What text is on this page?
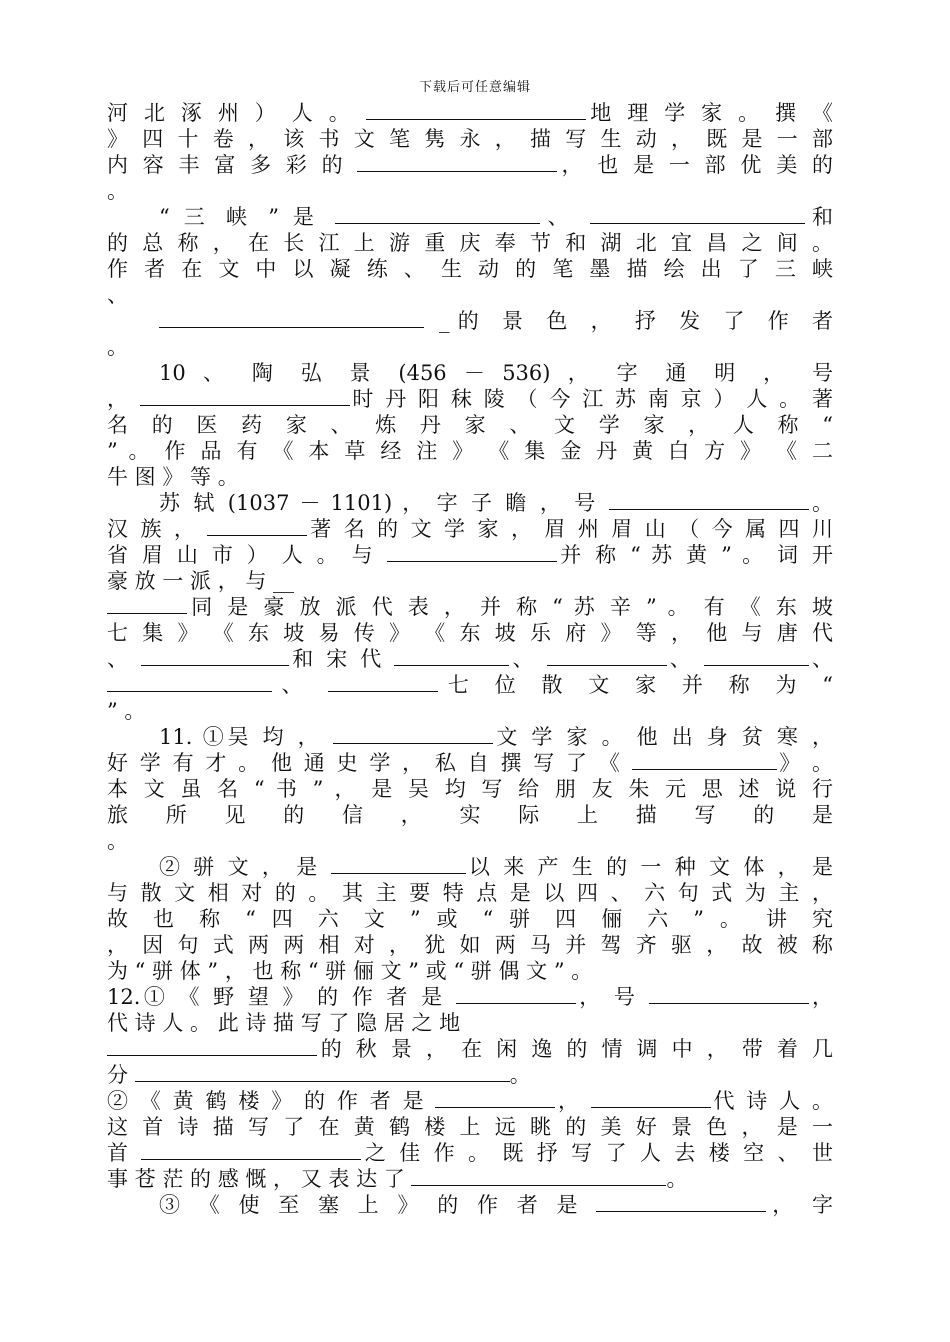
下载后可任意编辑
河 北 涿 州 ） 人 。	地 理 学 家 。 撰 《
》 四 十 卷 ， 该 书 文 笔 隽 永 ， 描 写 生 动 ， 既 是 一 部
内 容 丰 富 多 彩 的	， 也 是 一 部 优 美 的
。
“ 三 峡 ” 是	、	和
的 总 称 ， 在 长 江 上 游 重 庆 奉 节 和 湖 北 宜 昌 之 间 。
作 者 在 文 中 以 凝 练 、 生 动 的 笔 墨 描 绘 出 了 三 峡
、
_的 景 色 ， 抒 发 了 作 者
。
10 、 陶 弘 景 (456 － 536) ， 字 通 明 ， 号
，	时 丹 阳 秣 陵 （ 今 江 苏 南 京 ） 人 。 著
名 的 医 药 家 、 炼 丹 家 、 文 学 家 ， 人 称 “
” 。 作 品 有 《 本 草 经 注 》 《 集 金 丹 黄 白 方 》 《 二
牛 图 》 等 。
苏 轼 (1037 － 1101) ， 字 子 瞻 ， 号	。
汉 族 ，	著 名 的 文 学 家 ， 眉 州 眉 山 （ 今 属 四 川
省 眉 山 市 ） 人 。 与	并 称 “ 苏 黄 ” 。 词 开
豪 放 一 派 ， 与 __
同 是 豪 放 派 代 表 ， 并 称 “ 苏 辛 ” 。 有 《 东 坡
七 集 》 《 东 坡 易 传 》 《 东 坡 乐 府 》 等 ， 他 与 唐 代
、	和 宋 代	、	、	、
、	七 位 散 文 家 并 称 为 “
” 。
11. ①吴 均 ，	文 学 家 。 他 出 身 贫 寒 ，
好 学 有 才 。 他 通 史 学 ， 私 自 撰 写 了 《	》 。
本 文 虽 名 “ 书 ” ， 是 吴 均 写 给 朋 友 朱 元 思 述 说 行
旅 所 见 的 信 ， 实 际 上 描 写 的 是
。
② 骈 文 ， 是	以 来 产 生 的 一 种 文 体 ， 是
与 散 文 相 对 的 。 其 主 要 特 点 是 以 四 、 六 句 式 为 主 ，
故 也 称 “ 四 六 文 ” 或 “ 骈 四 俪 六 ” 。 讲 究
， 因 句 式 两 两 相 对 ， 犹 如 两 马 并 驾 齐 驱 ， 故 被 称
为 “ 骈 体 ” ， 也 称 “ 骈 俪 文 ” 或 “ 骈 偶 文 ” 。
12.① 《 野 望 》 的 作 者 是	， 号	，
代 诗 人 。 此 诗 描 写 了 隐 居 之 地
的 秋 景 ， 在 闲 逸 的 情 调 中 ， 带 着 几
分	。
② 《 黄 鹤 楼 》 的 作 者 是	，	代 诗 人 。
这 首 诗 描 写 了 在 黄 鹤 楼 上 远 眺 的 美 好 景 色 ， 是 一
首	之 佳 作 。 既 抒 写 了 人 去 楼 空 、 世
事 苍 茫 的 感 慨 ， 又 表 达 了	。
③ 《 使 至 塞 上 》 的 作 者 是	， 字
